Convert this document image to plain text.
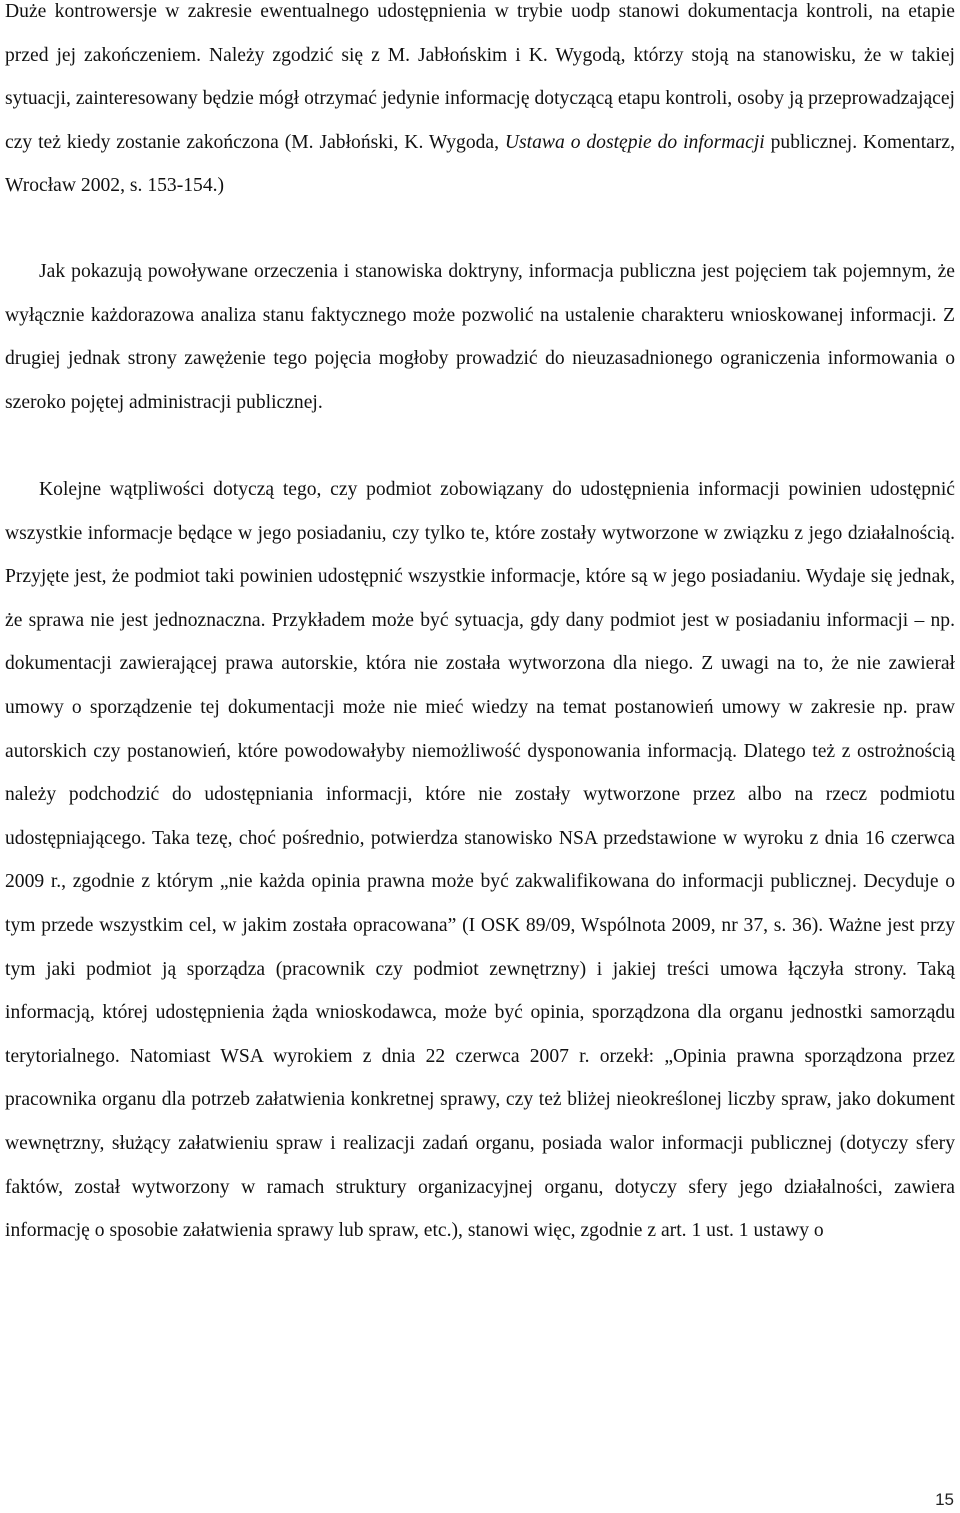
Duże kontrowersje w zakresie ewentualnego udostępnienia w trybie uodp stanowi dokumentacja kontroli, na etapie przed jej zakończeniem. Należy zgodzić się z M. Jabłońskim i K. Wygodą, którzy stoją na stanowisku, że w takiej sytuacji, zainteresowany będzie mógł otrzymać jedynie informację dotyczącą etapu kontroli, osoby ją przeprowadzającej czy też kiedy zostanie zakończona (M. Jabłoński, K. Wygoda, Ustawa o dostępie do informacji publicznej. Komentarz, Wrocław 2002, s. 153-154.)

Jak pokazują powoływane orzeczenia i stanowiska doktryny, informacja publiczna jest pojęciem tak pojemnym, że wyłącznie każdorazowa analiza stanu faktycznego może pozwolić na ustalenie charakteru wnioskowanej informacji. Z drugiej jednak strony zawężenie tego pojęcia mogłoby prowadzić do nieuzasadnionego ograniczenia informowania o szeroko pojętej administracji publicznej.

Kolejne wątpliwości dotyczą tego, czy podmiot zobowiązany do udostępnienia informacji powinien udostępnić wszystkie informacje będące w jego posiadaniu, czy tylko te, które zostały wytworzone w związku z jego działalnością. Przyjęte jest, że podmiot taki powinien udostępnić wszystkie informacje, które są w jego posiadaniu. Wydaje się jednak, że sprawa nie jest jednoznaczna. Przykładem może być sytuacja, gdy dany podmiot jest w posiadaniu informacji – np. dokumentacji zawierającej prawa autorskie, która nie została wytworzona dla niego. Z uwagi na to, że nie zawierał umowy o sporządzenie tej dokumentacji może nie mieć wiedzy na temat postanowień umowy w zakresie np. praw autorskich czy postanowień, które powodowałyby niemożliwość dysponowania informacją. Dlatego też z ostrożnością należy podchodzić do udostępniania informacji, które nie zostały wytworzone przez albo na rzecz podmiotu udostępniającego. Taka tezę, choć pośrednio, potwierdza stanowisko NSA przedstawione w wyroku z dnia 16 czerwca 2009 r., zgodnie z którym „nie każda opinia prawna może być zakwalifikowana do informacji publicznej. Decyduje o tym przede wszystkim cel, w jakim została opracowana” (I OSK 89/09, Wspólnota 2009, nr 37, s. 36). Ważne jest przy tym jaki podmiot ją sporządza (pracownik czy podmiot zewnętrzny) i jakiej treści umowa łączyła strony. Taką informacją, której udostępnienia żąda wnioskodawca, może być opinia, sporządzona dla organu jednostki samorządu terytorialnego. Natomiast WSA wyrokiem z dnia 22 czerwca 2007 r. orzekł: „Opinia prawna sporządzona przez pracownika organu dla potrzeb załatwienia konkretnej sprawy, czy też bliżej nieokreślonej liczby spraw, jako dokument wewnętrzny, służący załatwieniu spraw i realizacji zadań organu, posiada walor informacji publicznej (dotyczy sfery faktów, został wytworzony w ramach struktury organizacyjnej organu, dotyczy sfery jego działalności, zawiera informację o sposobie załatwienia sprawy lub spraw, etc.), stanowi więc, zgodnie z art. 1 ust. 1 ustawy o

15
